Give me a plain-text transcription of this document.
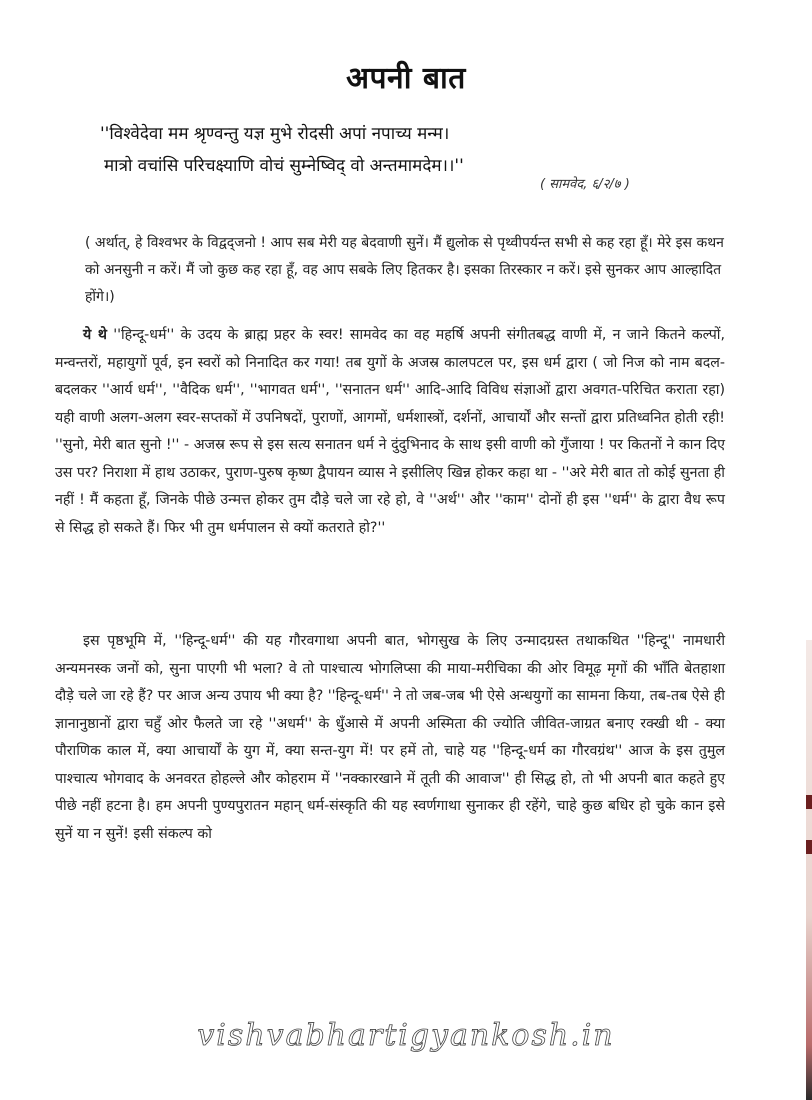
अपनी बात
''विश्वेदेवा मम श्रृण्वन्तु यज्ञ मुभे रोदसी अपां नपाच्य मन्म।
मात्रो वचांसि परिचक्ष्याणि वोचं सुम्नेष्विद् वो अन्तमामदेम।।''
( सामवेद, ६/२/७ )
( अर्थात्, हे विश्वभर के विद्वद्जनो ! आप सब मेरी यह बेदवाणी सुनें। मैं द्युलोक से पृथ्वीपर्यन्त सभी से कह रहा हूँ। मेरे इस कथन को अनसुनी न करें। मैं जो कुछ कह रहा हूँ, वह आप सबके लिए हितकर है। इसका तिरस्कार न करें। इसे सुनकर आप आल्हादित होंगे।)
ये थे ''हिन्दू-धर्म'' के उदय के ब्राह्म प्रहर के स्वर! सामवेद का वह महर्षि अपनी संगीतबद्ध वाणी में, न जाने कितने कल्पों, मन्वन्तरों, महायुगों पूर्व, इन स्वरों को निनादित कर गया! तब युगों के अजस्र कालपटल पर, इस धर्म द्वारा ( जो निज को नाम बदल-बदलकर ''आर्य धर्म'', ''वैदिक धर्म'', ''भागवत धर्म'', ''सनातन धर्म'' आदि-आदि विविध संज्ञाओं द्वारा अवगत-परिचित कराता रहा) यही वाणी अलग-अलग स्वर-सप्तकों में उपनिषदों, पुराणों, आगमों, धर्मशास्त्रों, दर्शनों, आचार्यों और सन्तों द्वारा प्रतिध्वनित होती रही! ''सुनो, मेरी बात सुनो !'' - अजस्र रूप से इस सत्य सनातन धर्म ने दुंदुभिनाद के साथ इसी वाणी को गुँजाया ! पर कितनों ने कान दिए उस पर? निराशा में हाथ उठाकर, पुराण-पुरुष कृष्ण द्वैपायन व्यास ने इसीलिए खिन्न होकर कहा था - ''अरे मेरी बात तो कोई सुनता ही नहीं ! मैं कहता हूँ, जिनके पीछे उन्मत्त होकर तुम दौड़े चले जा रहे हो, वे ''अर्थ'' और ''काम'' दोनों ही इस ''धर्म'' के द्वारा वैध रूप से सिद्ध हो सकते हैं। फिर भी तुम धर्मपालन से क्यों कतराते हो?''
इस पृष्ठभूमि में, ''हिन्दू-धर्म'' की यह गौरवगाथा अपनी बात, भोगसुख के लिए उन्मादग्रस्त तथाकथित ''हिन्दू'' नामधारी अन्यमनस्क जनों को, सुना पाएगी भी भला? वे तो पाश्चात्य भोगलिप्सा की माया-मरीचिका की ओर विमूढ़ मृगों की भाँति बेतहाशा दौड़े चले जा रहे हैं? पर आज अन्य उपाय भी क्या है? ''हिन्दू-धर्म'' ने तो जब-जब भी ऐसे अन्धयुगों का सामना किया, तब-तब ऐसे ही ज्ञानानुष्ठानों द्वारा चहुँ ओर फैलते जा रहे ''अधर्म'' के धुँआसे में अपनी अस्मिता की ज्योति जीवित-जाग्रत बनाए रक्खी थी - क्या पौराणिक काल में, क्या आचार्यों के युग में, क्या सन्त-युग में! पर हमें तो, चाहे यह ''हिन्दू-धर्म का गौरवग्रंथ'' आज के इस तुमुल पाश्चात्य भोगवाद के अनवरत होहल्ले और कोहराम में ''नक्कारखाने में तूती की आवाज'' ही सिद्ध हो, तो भी अपनी बात कहते हुए पीछे नहीं हटना है। हम अपनी पुण्यपुरातन महान् धर्म-संस्कृति की यह स्वर्णगाथा सुनाकर ही रहेंगे, चाहे कुछ बधिर हो चुके कान इसे सुनें या न सुनें! इसी संकल्प को
vishvabhartigyankosh.in
